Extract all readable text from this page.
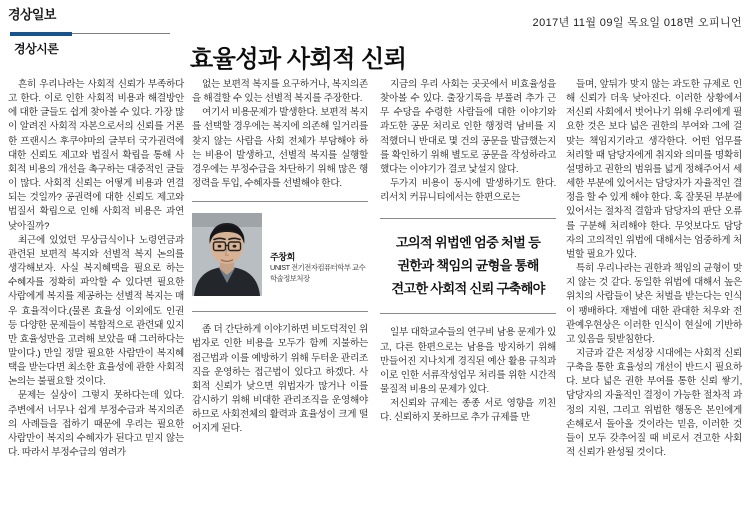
경상일보
2017년 11월 09일 목요일 018면 오피니언
경상시론	효율성과 사회적 신뢰

흔히 우리나라는 사회적 신뢰가 부족하다고 한다. 이로 인한 사회적 비용과 해결방안에 대한 글들도 쉽게 찾아볼 수 있다. 가장 많이 알려진 사회적 자본으로서의 신뢰를 거론한 프랜시스 후쿠야마의 글부터 국가권력에 대한 신뢰도 제고와 법질서 확립을 통해 사회적 비용의 개선을 촉구하는 대중적인 글들이 많다. 사회적 신뢰는 어떻게 비용과 연결되는 것일까? 공권력에 대한 신뢰도 제고와 법질서 확립으로 인해 사회적 비용은 과연 낮아질까?

최근에 있었던 무상급식이나 노령연금과 관련된 보편적 복지와 선별적 복지 논의를 생각해보자. 사실 복지혜택을 필요로 하는 수혜자를 정확히 파악할 수 있다면 필요한 사람에게 복지를 제공하는 선별적 복지는 매우 효율적이다.(물론 효율성 이외에도 인권 등 다양한 문제들이 복합적으로 관련돼 있지만 효율성만을 고려해 보았을 때 그러하다는 말이다.) 만일 정말 필요한 사람만이 복지혜택을 받는다면 최소한 효율성에 관한 사회적 논의는 불필요할 것이다.

문제는 실상이 그렇지 못하다는데 있다. 주변에서 너무나 쉽게 부정수급과 복지의존의 사례들을 접하기 때문에 우리는 필요한 사람만이 복지의 수혜자가 된다고 믿지 않는다. 따라서 부정수급의 염려가

없는 보편적 복지를 요구하거나, 복지의존을 해결할 수 있는 선별적 복지를 주장한다.

여기서 비용문제가 발생한다. 보편적 복지를 선택할 경우에는 복지에 의존해 일거리를 찾지 않는 사람을 사회 전체가 부담해야 하는 비용이 발생하고, 선별적 복지를 실행할 경우에는 부정수급을 차단하기 위해 많은 행정력을 투입, 수혜자를 선별해야 한다.

주창희
UNIST 전기전자컴퓨터학부 교수
학술정보처장

좀 더 간단하게 이야기하면 비도덕적인 위법자로 인한 비용을 모두가 함께 지불하는 접근법과 이를 예방하기 위해 두터운 관리조직을 운영하는 접근법이 있다고 하겠다. 사회적 신뢰가 낮으면 위법자가 많거나 이를 감시하기 위해 비대한 관리조직을 운영해야 하므로 사회전체의 활력과 효율성이 크게 떨어지게 된다.

지금의 우리 사회는 곳곳에서 비효율성을 찾아볼 수 있다. 출장기록을 부풀려 추가 근무 수당을 수령한 사람들에 대한 이야기와 과도한 공문 처리로 인한 행정력 남비를 지적했더니 반대로 몇 건의 공문을 발급했는지를 확인하기 위해 별도로 공문을 작성하라고 했다는 이야기가 결코 낯설지 않다.

두가지 비용이 동시에 발생하기도 한다. 리서치 커뮤니티에서는 한편으로는

고의적 위법엔 엄중 처벌 등
권한과 책임의 균형을 통해
견고한 사회적 신뢰 구축해야

일부 대학교수들의 연구비 남용 문제가 있고, 다른 한편으로는 남용을 방지하기 위해 만들어진 지나치게 경직된 예산 활용 규칙과 이로 인한 서류작성업무 처리를 위한 시간적 물질적 비용의 문제가 있다.

저신뢰와 규제는 종종 서로 영향을 끼친다. 신뢰하지 못하므로 추가 규제를 만

들며, 앞뒤가 맞지 않는 과도한 규제로 인해 신뢰가 더욱 낮아진다. 이러한 상황에서 저신뢰 사회에서 벗어나기 위해 우리에게 필요한 것은 보다 넓은 권한의 부여와 그에 걸맞는 책임지기라고 생각한다. 어떤 업무를 처리할 때 담당자에게 취지와 의미를 명확히 설명하고 권한의 범위를 넓게 정해주어서 세세한 부분에 있어서는 담당자가 자율적인 결정을 할 수 있게 해야 한다. 혹 잘못된 부분에 있어서는 절차적 결함과 담당자의 판단 오류를 구분해 처리해야 한다. 무엇보다도 담당자의 고의적인 위법에 대해서는 엄중하게 처벌할 필요가 있다.

특히 우리나라는 권한과 책임의 균형이 맞지 않는 것 같다. 동일한 위법에 대해서 높은 위치의 사람들이 낮은 처벌을 받는다는 인식이 팽배하다. 재벌에 대한 관대한 처우와 전관예우현상은 이러한 인식이 현실에 기반하고 있음을 뒷받침한다.

지금과 같은 저성장 시대에는 사회적 신뢰 구축을 통한 효율성의 개선이 반드시 필요하다. 보다 넓은 권한 부여를 통한 신뢰 쌓기, 담당자의 자율적인 결정이 가능한 절차적 과정의 지원, 그리고 위법한 행동은 본인에게 손해로서 돌아올 것이라는 믿음, 이러한 것들이 모두 갖추어질 때 비로서 견고한 사회적 신뢰가 완성될 것이다.
